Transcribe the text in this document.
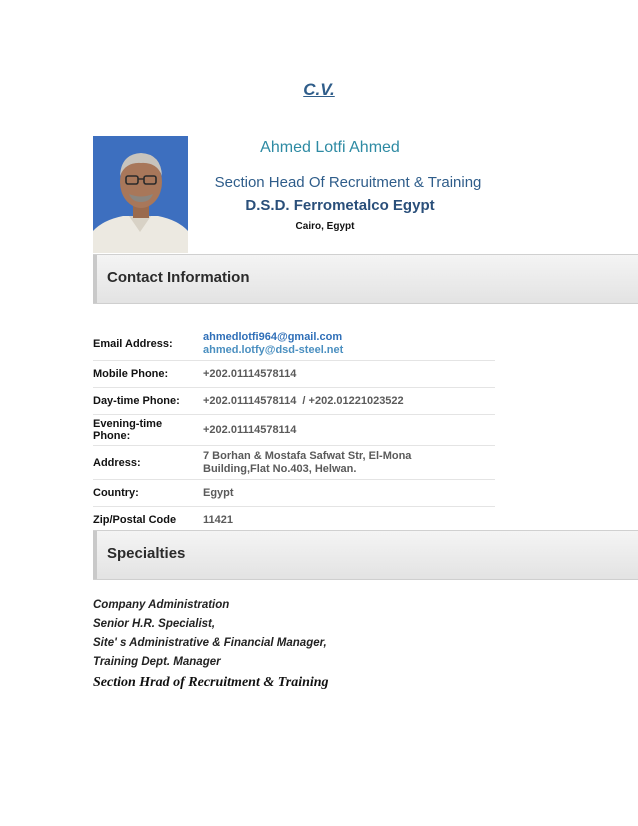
C.V.
Ahmed Lotfi Ahmed
Section Head Of Recruitment & Training
D.S.D. Ferrometalco Egypt
Cairo, Egypt
Contact Information
Email Address:
ahmedlotfi964@gmail.com
ahmed.lotfy@dsd-steel.net
Mobile Phone:	+202.01114578114
Day-time Phone:	+202.01114578114  / +202.01221023522
Evening-time Phone:
+202.01114578114
Address:
7 Borhan & Mostafa Safwat Str, El-Mona Building,Flat No.403, Helwan.
Country:	Egypt
Zip/Postal Code	11421
Specialties
Company Administration
Senior H.R. Specialist,
Site' s Administrative & Financial Manager,
Training Dept. Manager
Section Hrad of Recruitment & Training
